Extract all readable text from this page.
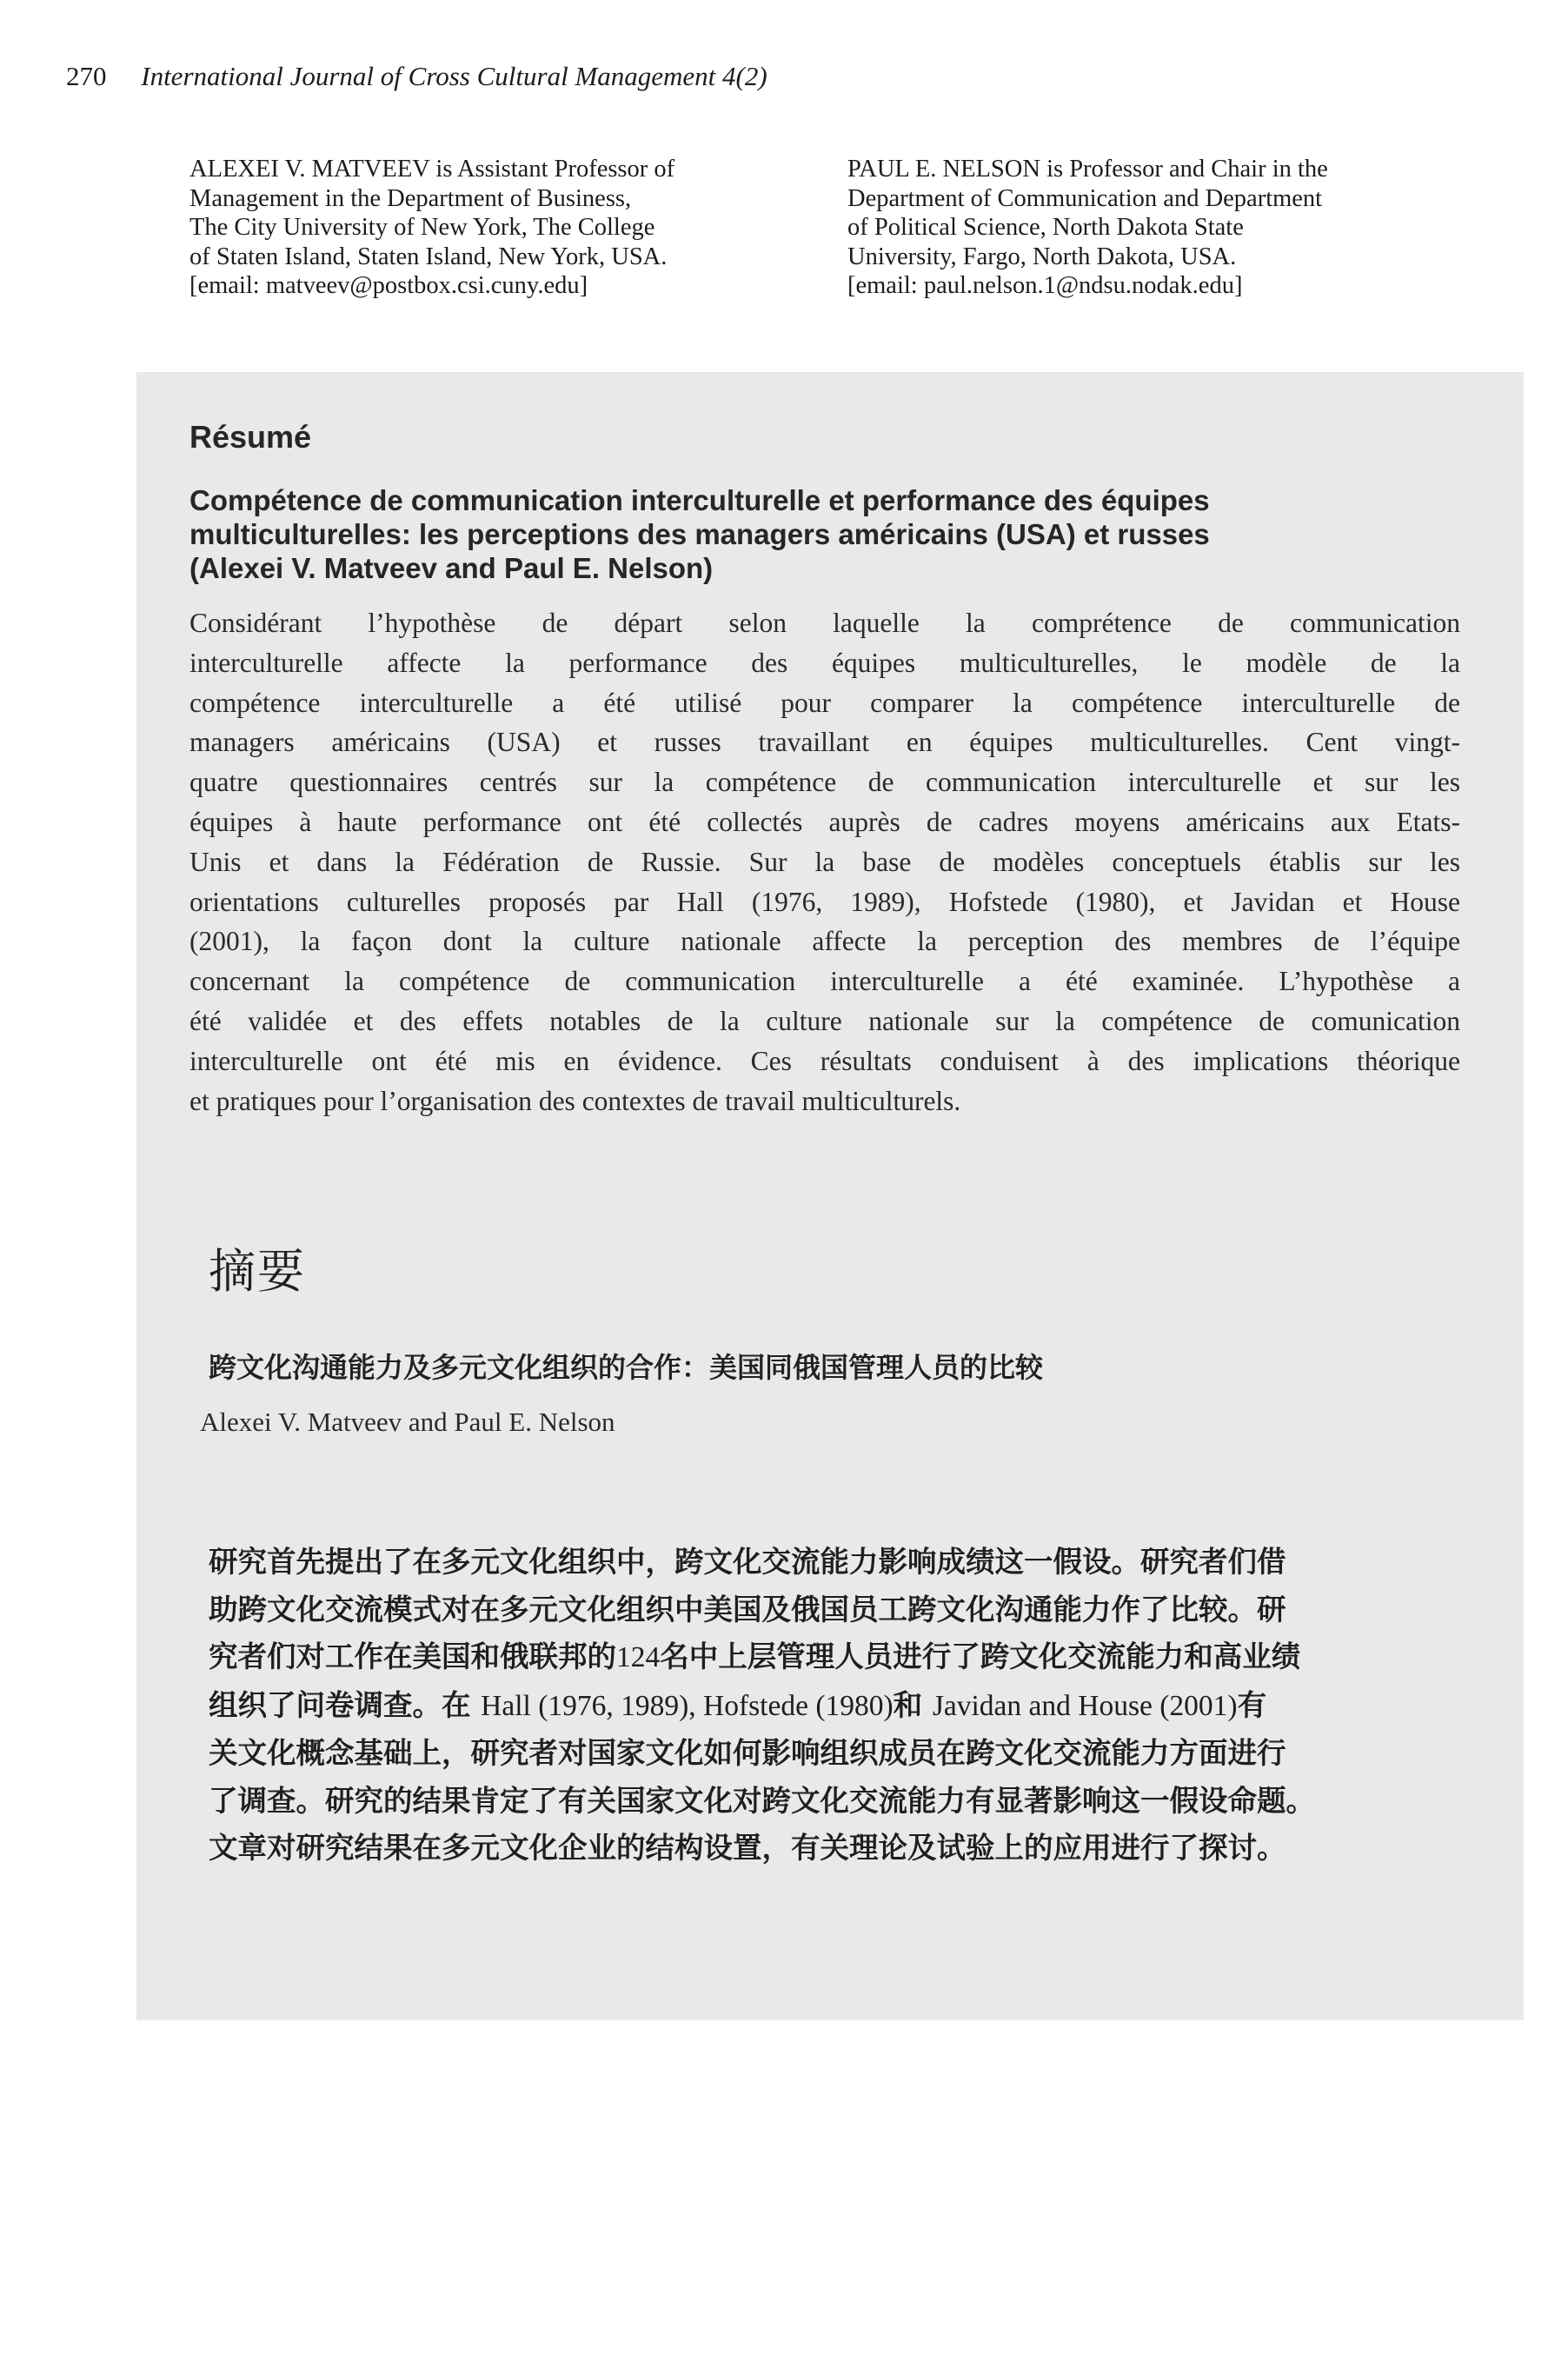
270 International Journal of Cross Cultural Management 4(2)
ALEXEI V. MATVEEV is Assistant Professor of
Management in the Department of Business,
The City University of New York, The College
of Staten Island, Staten Island, New York, USA.
[email: matveev@postbox.csi.cuny.edu]
PAUL E. NELSON is Professor and Chair in the
Department of Communication and Department
of Political Science, North Dakota State
University, Fargo, North Dakota, USA.
[email: paul.nelson.1@ndsu.nodak.edu]
Résumé
Compétence de communication interculturelle et performance des équipes
multiculturelles: les perceptions des managers américains (USA) et russes
(Alexei V. Matveev and Paul E. Nelson)
Considérant l’hypothèse de départ selon laquelle la comprétence de communication
interculturelle affecte la performance des équipes multiculturelles, le modèle de la
compétence interculturelle a été utilisé pour comparer la compétence interculturelle de
managers américains (USA) et russes travaillant en équipes multiculturelles. Cent vingt-
quatre questionnaires centrés sur la compétence de communication interculturelle et sur les
équipes à haute performance ont été collectés auprès de cadres moyens américains aux Etats-
Unis et dans la Fédération de Russie. Sur la base de modèles conceptuels établis sur les
orientations culturelles proposés par Hall (1976, 1989), Hofstede (1980), et Javidan et House
(2001), la façon dont la culture nationale affecte la perception des membres de l’équipe
concernant la compétence de communication interculturelle a été examinée. L’hypothèse a
été validée et des effets notables de la culture nationale sur la compétence de comunication
interculturelle ont été mis en évidence. Ces résultats conduisent à des implications théorique
et pratiques pour l’organisation des contextes de travail multiculturels.
摘要
跨文化沟通能力及多元文化组织的合作：美国同俄国管理人员的比较
Alexei V. Matveev and Paul E. Nelson
研究首先提出了在多元文化组织中，跨文化交流能力影响成绩这一假设。研究者们借
助跨文化交流模式对在多元文化组织中美国及俄国员工跨文化沟通能力作了比较。研
究者们对工作在美国和俄联邦的124名中上层管理人员进行了跨文化交流能力和高业绩
组织了问卷调查。在 Hall (1976, 1989), Hofstede (1980)和 Javidan and House (2001)有
关文化概念基础上，研究者对国家文化如何影响组织成员在跨文化交流能力方面进行
了调查。研究的结果肯定了有关国家文化对跨文化交流能力有显著影响这一假设命题。
文章对研究结果在多元文化企业的结构设置，有关理论及试验上的应用进行了探讨。
